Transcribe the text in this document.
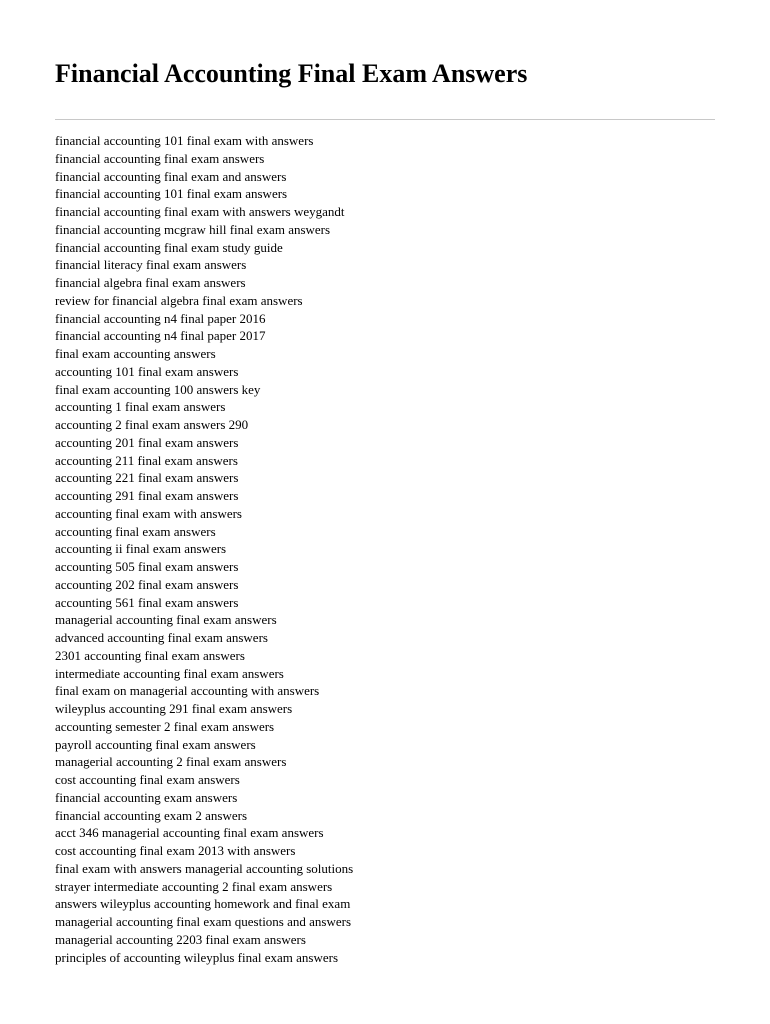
Financial Accounting Final Exam Answers
financial accounting 101 final exam with answers
financial accounting final exam answers
financial accounting final exam and answers
financial accounting 101 final exam answers
financial accounting final exam with answers weygandt
financial accounting mcgraw hill final exam answers
financial accounting final exam study guide
financial literacy final exam answers
financial algebra final exam answers
review for financial algebra final exam answers
financial accounting n4 final paper 2016
financial accounting n4 final paper 2017
final exam accounting answers
accounting 101 final exam answers
final exam accounting 100 answers key
accounting 1 final exam answers
accounting 2 final exam answers 290
accounting 201 final exam answers
accounting 211 final exam answers
accounting 221 final exam answers
accounting 291 final exam answers
accounting final exam with answers
accounting final exam answers
accounting ii final exam answers
accounting 505 final exam answers
accounting 202 final exam answers
accounting 561 final exam answers
managerial accounting final exam answers
advanced accounting final exam answers
2301 accounting final exam answers
intermediate accounting final exam answers
final exam on managerial accounting with answers
wileyplus accounting 291 final exam answers
accounting semester 2 final exam answers
payroll accounting final exam answers
managerial accounting 2 final exam answers
cost accounting final exam answers
financial accounting exam answers
financial accounting exam 2 answers
acct 346 managerial accounting final exam answers
cost accounting final exam 2013 with answers
final exam with answers managerial accounting solutions
strayer intermediate accounting 2 final exam answers
answers wileyplus accounting homework and final exam
managerial accounting final exam questions and answers
managerial accounting 2203 final exam answers
principles of accounting wileyplus final exam answers
